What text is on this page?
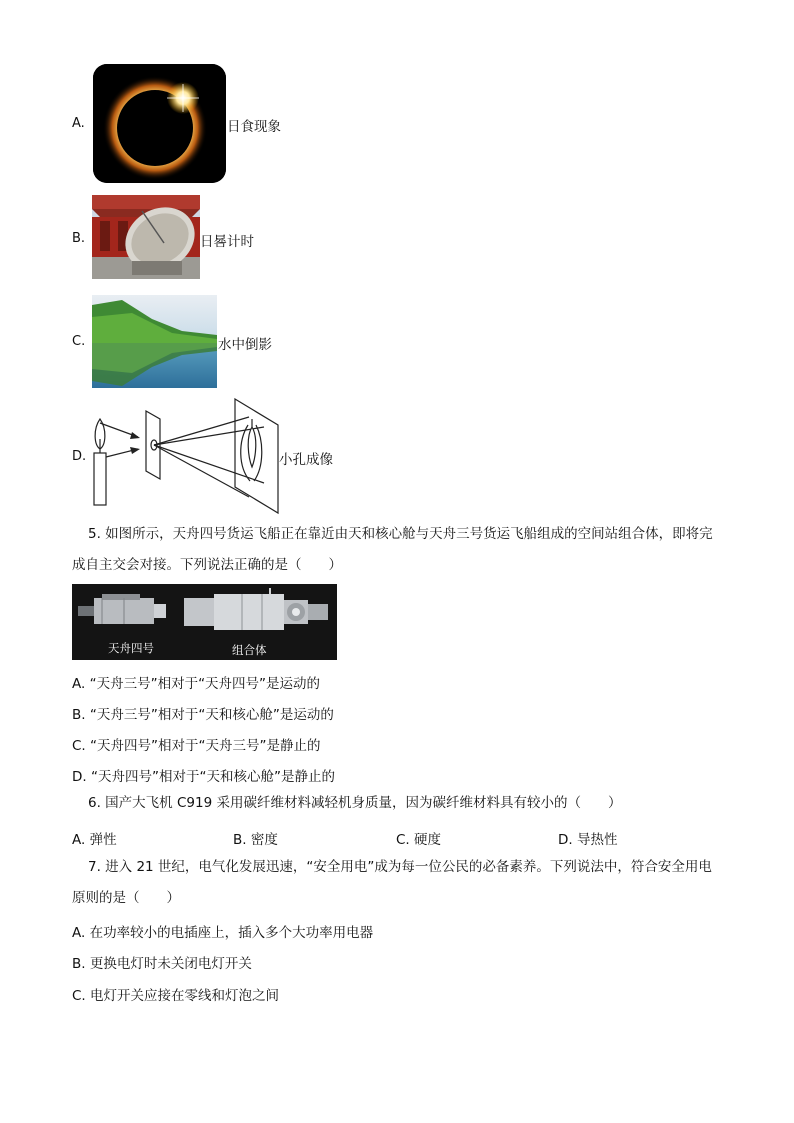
A.	日食现象
B.	日晷计时
C.	水中倒影
D.	小孔成像
5. 如图所示，天舟四号货运飞船正在靠近由天和核心舱与天舟三号货运飞船组成的空间站组合体，即将完
成自主交会对接。下列说法正确的是（　　）
天舟四号	组合体
A. “天舟三号”相对于“天舟四号”是运动的
B. “天舟三号”相对于“天和核心舱”是运动的
C. “天舟四号”相对于“天舟三号”是静止的
D. “天舟四号”相对于“天和核心舱”是静止的
6. 国产大飞机 C919 采用碳纤维材料减轻机身质量，因为碳纤维材料具有较小的（　　）
A. 弹性	B. 密度	C. 硬度	D. 导热性
7. 进入 21 世纪，电气化发展迅速，“安全用电”成为每一位公民的必备素养。下列说法中，符合安全用电
原则的是（　　）
A. 在功率较小的电插座上，插入多个大功率用电器
B. 更换电灯时未关闭电灯开关
C. 电灯开关应接在零线和灯泡之间
